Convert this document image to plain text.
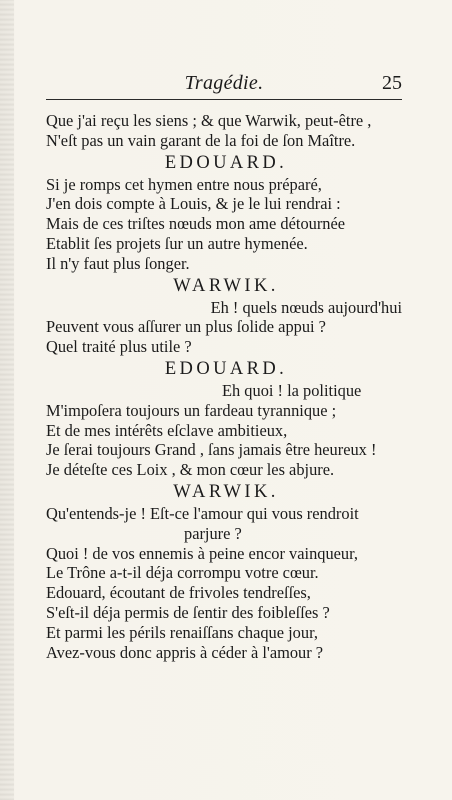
Tragédie.	25
Que j'ai reçu les siens ; & que Warwik, peut-être ,
N'eſt pas un vain garant de la foi de ſon Maître.
EDOUARD.
Si je romps cet hymen entre nous préparé,
J'en dois compte à Louis, & je le lui rendrai :
Mais de ces triſtes nœuds mon ame détournée
Etablit ſes projets ſur un autre hymenée.
Il n'y faut plus ſonger.
WARWIK.
Eh ! quels nœuds aujourd'hui
Peuvent vous aſſurer un plus ſolide appui ?
Quel traité plus utile ?
EDOUARD.
Eh quoi ! la politique
M'impoſera toujours un fardeau tyrannique ;
Et de mes intérêts eſclave ambitieux,
Je ſerai toujours Grand , ſans jamais être heureux !
Je déteſte ces Loix , & mon cœur les abjure.
WARWIK.
Qu'entends-je ! Eſt-ce l'amour qui vous rendroit
parjure ?
Quoi ! de vos ennemis à peine encor vainqueur,
Le Trône a-t-il déja corrompu votre cœur.
Edouard, écoutant de frivoles tendreſſes,
S'eſt-il déja permis de ſentir des foibleſſes ?
Et parmi les périls renaiſſans chaque jour,
Avez-vous donc appris à céder à l'amour ?
